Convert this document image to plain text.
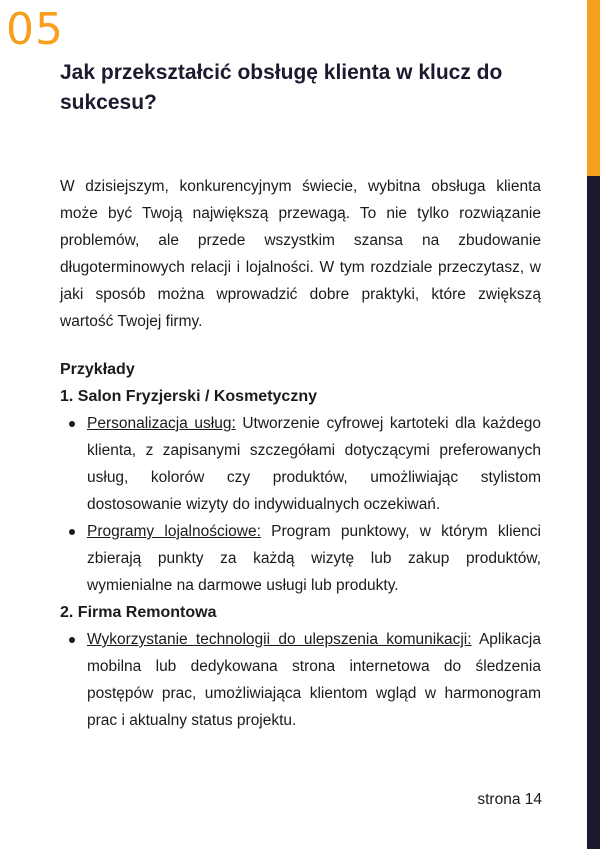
05
Jak przekształcić obsługę klienta w klucz do sukcesu?

W dzisiejszym, konkurencyjnym świecie, wybitna obsługa klienta może być Twoją największą przewagą. To nie tylko rozwiązanie problemów, ale przede wszystkim szansa na zbudowanie długoterminowych relacji i lojalności. W tym rozdziale przeczytasz, w jaki sposób można wprowadzić dobre praktyki, które zwiększą wartość Twojej firmy.

Przykłady
1. Salon Fryzjerski / Kosmetyczny
Personalizacja usług: Utworzenie cyfrowej kartoteki dla każdego klienta, z zapisanymi szczegółami dotyczącymi preferowanych usług, kolorów czy produktów, umożliwiając stylistom dostosowanie wizyty do indywidualnych oczekiwań.
Programy lojalnościowe: Program punktowy, w którym klienci zbierają punkty za każdą wizytę lub zakup produktów, wymienialne na darmowe usługi lub produkty.
2. Firma Remontowa
Wykorzystanie technologii do ulepszenia komunikacji: Aplikacja mobilna lub dedykowana strona internetowa do śledzenia postępów prac, umożliwiająca klientom wgląd w harmonogram prac i aktualny status projektu.
strona 14
